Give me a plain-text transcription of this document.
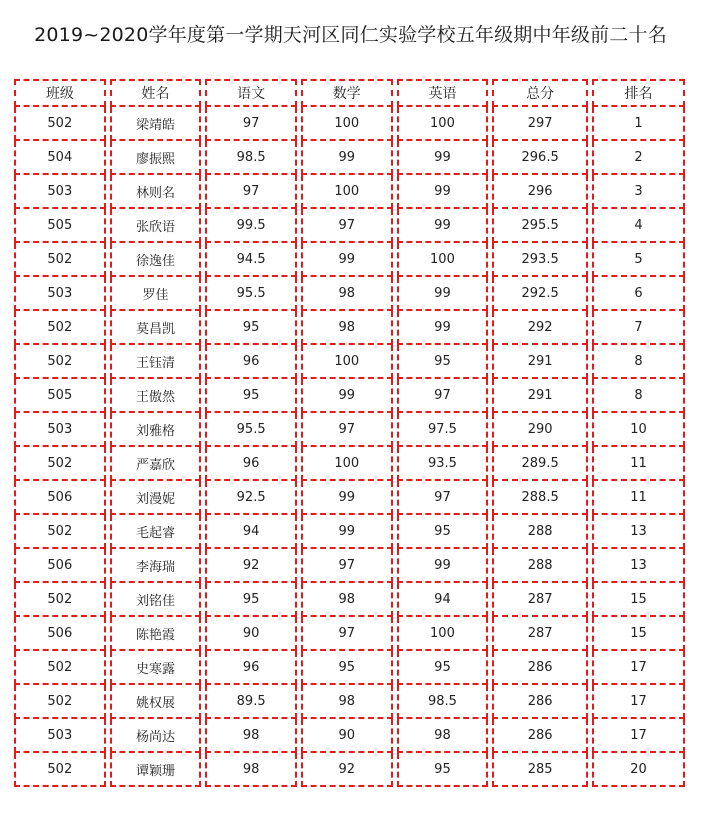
2019~2020学年度第一学期天河区同仁实验学校五年级期中年级前二十名
班级	姓名	语文	数学	英语	总分	排名
502	梁靖皓	97	100	100	297	1
504	廖振熙	98.5	99	99	296.5	2
503	林则名	97	100	99	296	3
505	张欣语	99.5	97	99	295.5	4
502	徐逸佳	94.5	99	100	293.5	5
503	罗佳	95.5	98	99	292.5	6
502	莫昌凯	95	98	99	292	7
502	王钰清	96	100	95	291	8
505	王傲然	95	99	97	291	8
503	刘雅格	95.5	97	97.5	290	10
502	严嘉欣	96	100	93.5	289.5	11
506	刘漫妮	92.5	99	97	288.5	11
502	毛起睿	94	99	95	288	13
506	李海瑞	92	97	99	288	13
502	刘铭佳	95	98	94	287	15
506	陈艳霞	90	97	100	287	15
502	史寒露	96	95	95	286	17
502	姚权展	89.5	98	98.5	286	17
503	杨尚达	98	90	98	286	17
502	谭颖珊	98	92	95	285	20
